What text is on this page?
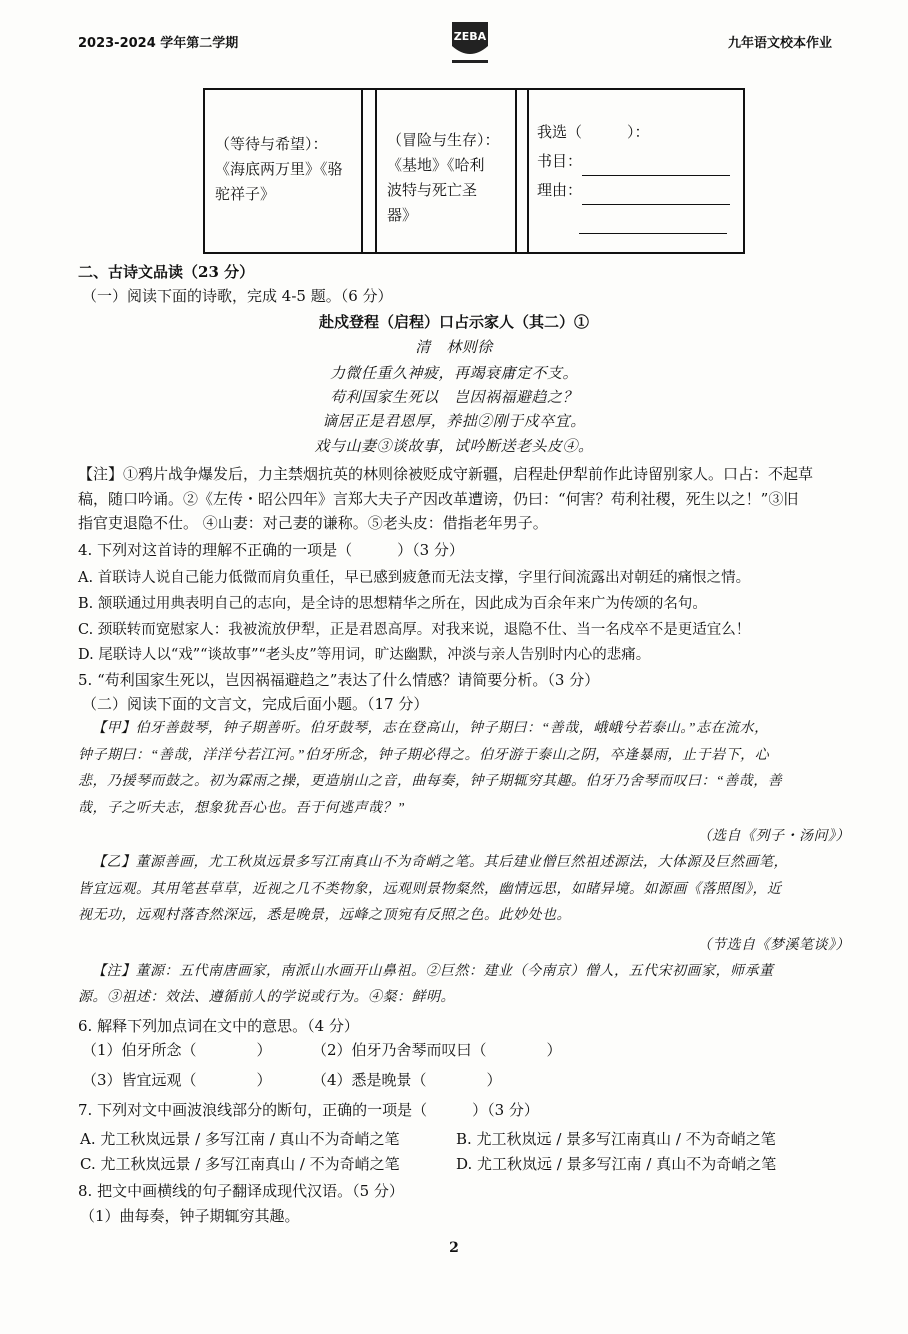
2023-2024 学年第二学期	ZEBA	九年语文校本作业
（等待与希望）：
《海底两万里》《骆
驼祥子》

（冒险与生存）：
《基地》《哈利
波特与死亡圣
器》

我选（　　　）：
书目：
理由：
二、古诗文品读（23 分）
（一）阅读下面的诗歌，完成 4-5 题。（6 分）
赴戍登程（启程）口占示家人（其二）①
清　林则徐
力微任重久神疲，再竭衰庸定不支。
苟利国家生死以　岂因祸福避趋之？
谪居正是君恩厚，养拙②刚于戍卒宜。
戏与山妻③谈故事，试吟断送老头皮④。
【注】①鸦片战争爆发后，力主禁烟抗英的林则徐被贬成守新疆，启程赴伊犁前作此诗留别家人。口占：不起草
稿，随口吟诵。②《左传・昭公四年》言郑大夫子产因改革遭谤，仍曰：“何害？苟利社稷，死生以之！”③旧
指官吏退隐不仕。 ④山妻：对己妻的谦称。⑤老头皮：借指老年男子。
4. 下列对这首诗的理解不正确的一项是（　　　）（3 分）
A. 首联诗人说自己能力低微而肩负重任，早已感到疲惫而无法支撑，字里行间流露出对朝廷的痛恨之情。
B. 颔联通过用典表明自己的志向，是全诗的思想精华之所在，因此成为百余年来广为传颂的名句。
C. 颈联转而宽慰家人：我被流放伊犁，正是君恩高厚。对我来说，退隐不仕、当一名戍卒不是更适宜么！
D. 尾联诗人以“戏”“谈故事”“老头皮”等用词，旷达幽默，冲淡与亲人告别时内心的悲痛。
5. “苟利国家生死以，岂因祸福避趋之”表达了什么情感？请简要分析。（3 分）
（二）阅读下面的文言文，完成后面小题。（17 分）
【甲】伯牙善鼓琴，钟子期善听。伯牙鼓琴，志在登高山，钟子期曰：“善哉，峨峨兮若泰山。”志在流水，
钟子期曰：“善哉，洋洋兮若江河。”伯牙所念，钟子期必得之。伯牙游于泰山之阴，卒逢暴雨，止于岩下，心
悲，乃援琴而鼓之。初为霖雨之操，更造崩山之音，曲每奏，钟子期辄穷其趣。伯牙乃舍琴而叹曰：“善哉，善
哉，子之听夫志，想象犹吾心也。吾于何逃声哉？”
（选自《列子・汤问》）
【乙】董源善画，尤工秋岚远景多写江南真山不为奇峭之笔。其后建业僧巨然祖述源法，大体源及巨然画笔，
皆宜远观。其用笔甚草草，近视之几不类物象，远观则景物粲然，幽情远思，如睹异境。如源画《落照图》，近
视无功，远观村落杳然深远，悉是晚景，远峰之顶宛有反照之色。此妙处也。
（节选自《梦溪笔谈》）
【注】董源：五代南唐画家，南派山水画开山鼻祖。②巨然：建业（今南京）僧人，五代宋初画家，师承董
源。③祖述：效法、遵循前人的学说或行为。④粲：鲜明。
6. 解释下列加点词在文中的意思。（4 分）
（1）伯牙所念（　　　　）	（2）伯牙乃舍琴而叹曰（　　　　）
（3）皆宜远观（　　　　）	（4）悉是晚景（　　　　）
7. 下列对文中画波浪线部分的断句，正确的一项是（　　　）（3 分）
A. 尤工秋岚远景 / 多写江南 / 真山不为奇峭之笔	B. 尤工秋岚远 / 景多写江南真山 / 不为奇峭之笔
C. 尤工秋岚远景 / 多写江南真山 / 不为奇峭之笔	D. 尤工秋岚远 / 景多写江南 / 真山不为奇峭之笔
8. 把文中画横线的句子翻译成现代汉语。（5 分）
（1）曲每奏，钟子期辄穷其趣。
2
